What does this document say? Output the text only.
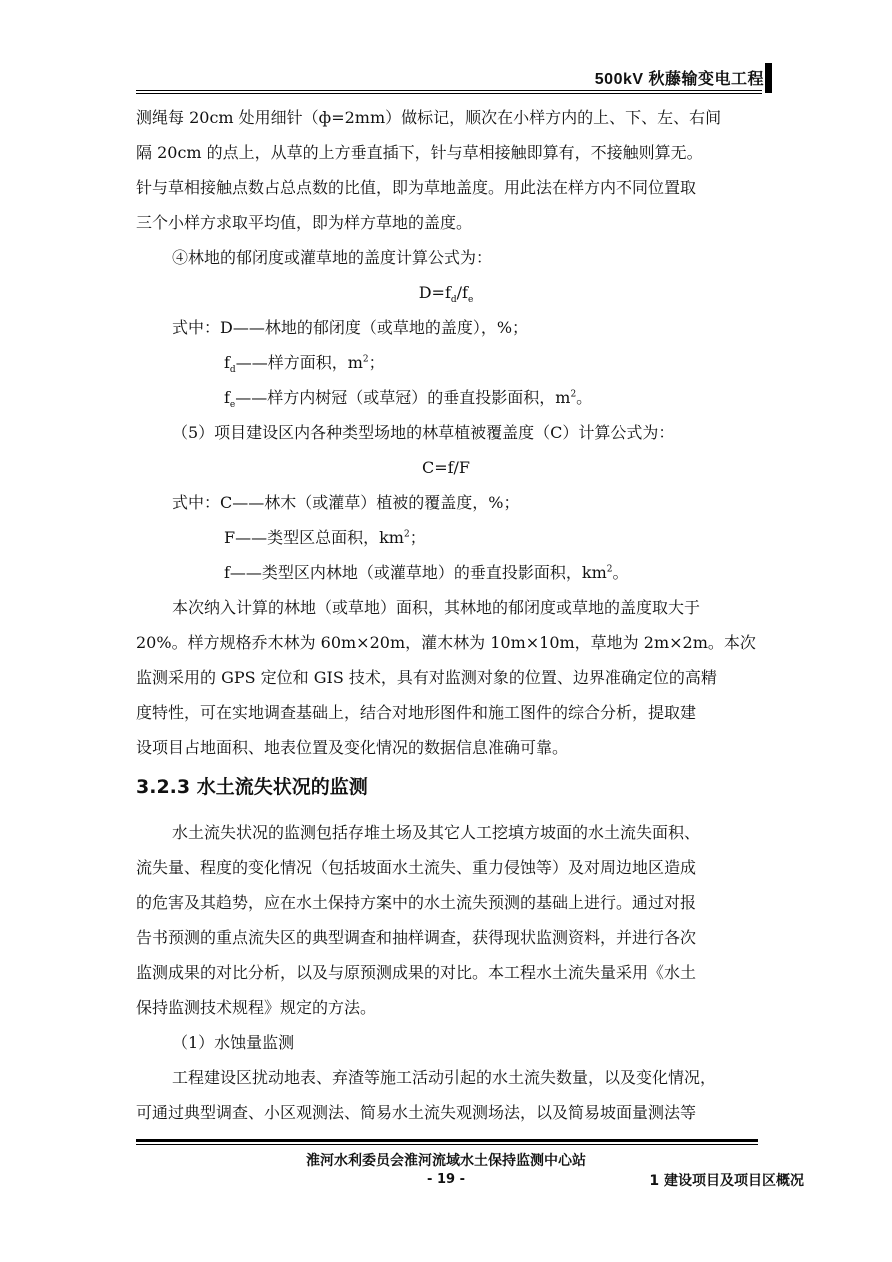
500kV 秋藤输变电工程

测绳每 20cm 处用细针（ф=2mm）做标记，顺次在小样方内的上、下、左、右间

隔 20cm 的点上，从草的上方垂直插下，针与草相接触即算有，不接触则算无。

针与草相接触点数占总点数的比值，即为草地盖度。用此法在样方内不同位置取

三个小样方求取平均值，即为样方草地的盖度。

④林地的郁闭度或灌草地的盖度计算公式为：

$D=f_d/f_e$

式中：D——林地的郁闭度（或草地的盖度），%；

$f_d——$样方面积，$m^2$；

$f_e——$样方内树冠（或草冠）的垂直投影面积，$m^2$。

（5）项目建设区内各种类型场地的林草植被覆盖度（C）计算公式为：

C=f/F

式中：C——林木（或灌草）植被的覆盖度，%；

F——类型区总面积，$km^2$；

f——类型区内林地（或灌草地）的垂直投影面积，$km^2$。

本次纳入计算的林地（或草地）面积，其林地的郁闭度或草地的盖度取大于

20%。样方规格乔木林为 60m×20m，灌木林为 10m×10m，草地为 2m×2m。本次

监测采用的 GPS 定位和 GIS 技术，具有对监测对象的位置、边界准确定位的高精

度特性，可在实地调查基础上，结合对地形图件和施工图件的综合分析，提取建

设项目占地面积、地表位置及变化情况的数据信息准确可靠。

3.2.3 水土流失状况的监测

水土流失状况的监测包括存堆土场及其它人工挖填方坡面的水土流失面积、

流失量、程度的变化情况（包括坡面水土流失、重力侵蚀等）及对周边地区造成

的危害及其趋势，应在水土保持方案中的水土流失预测的基础上进行。通过对报

告书预测的重点流失区的典型调查和抽样调查，获得现状监测资料，并进行各次

监测成果的对比分析，以及与原预测成果的对比。本工程水土流失量采用《水土

保持监测技术规程》规定的方法。

（1）水蚀量监测

工程建设区扰动地表、弃渣等施工活动引起的水土流失数量，以及变化情况，

可通过典型调查、小区观测法、简易水土流失观测场法，以及简易坡面量测法等

淮河水利委员会淮河流域水土保持监测中心站
- 19 -	1 建设项目及项目区概况
